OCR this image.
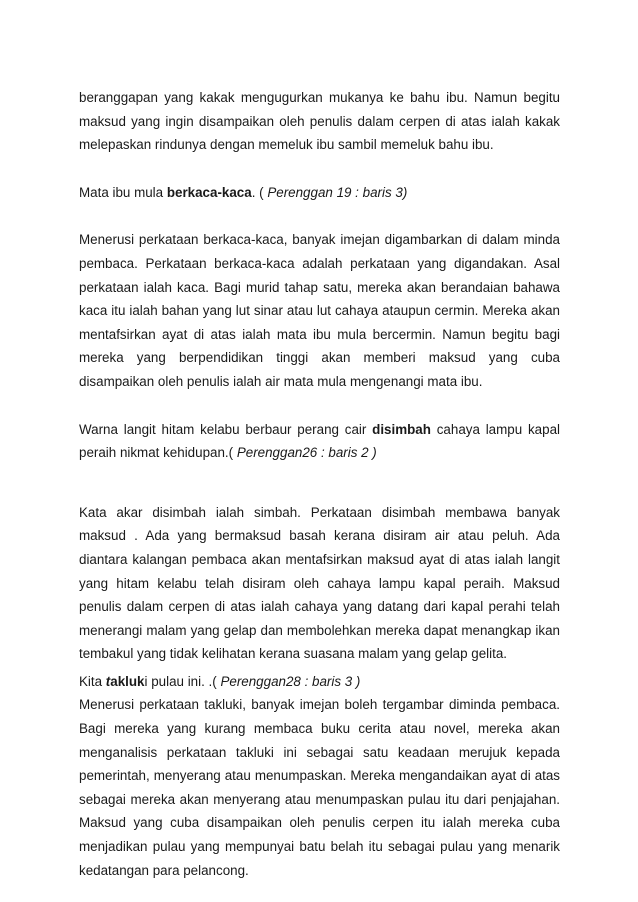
beranggapan yang kakak mengugurkan mukanya ke bahu ibu. Namun begitu maksud yang ingin disampaikan oleh penulis dalam cerpen di atas ialah kakak melepaskan rindunya dengan memeluk ibu sambil memeluk bahu ibu.

Mata ibu mula berkaca-kaca. ( Perenggan 19 : baris 3)

Menerusi perkataan berkaca-kaca, banyak imejan digambarkan di dalam minda pembaca. Perkataan berkaca-kaca adalah perkataan yang digandakan. Asal perkataan ialah kaca. Bagi murid tahap satu, mereka akan berandaian bahawa kaca itu ialah bahan yang lut sinar atau lut cahaya ataupun cermin. Mereka akan mentafsirkan ayat di atas ialah mata ibu mula bercermin. Namun begitu bagi mereka yang berpendidikan tinggi akan memberi maksud yang cuba disampaikan oleh penulis ialah air mata mula mengenangi mata ibu.

Warna langit hitam kelabu berbaur perang cair disimbah cahaya lampu kapal peraih nikmat kehidupan.( Perenggan26 : baris 2 )

Kata akar disimbah ialah simbah. Perkataan disimbah membawa banyak maksud . Ada yang bermaksud basah kerana disiram air atau peluh. Ada diantara kalangan pembaca akan mentafsirkan maksud ayat di atas ialah langit yang hitam kelabu telah disiram oleh cahaya lampu kapal peraih. Maksud penulis dalam cerpen di atas ialah cahaya yang datang dari kapal perahi telah menerangi malam yang gelap dan membolehkan mereka dapat menangkap ikan tembakul yang tidak kelihatan kerana suasana malam yang gelap gelita.

Kita takluki pulau ini. .( Perenggan28 : baris 3 )

Menerusi perkataan takluki, banyak imejan boleh tergambar diminda pembaca. Bagi mereka yang kurang membaca buku cerita atau novel, mereka akan menganalisis perkataan takluki ini sebagai satu keadaan merujuk kepada pemerintah, menyerang atau menumpaskan. Mereka mengandaikan ayat di atas sebagai mereka akan menyerang atau menumpaskan pulau itu dari penjajahan. Maksud yang cuba disampaikan oleh penulis cerpen itu ialah mereka cuba menjadikan pulau yang mempunyai batu belah itu sebagai pulau yang menarik kedatangan para pelancong.
